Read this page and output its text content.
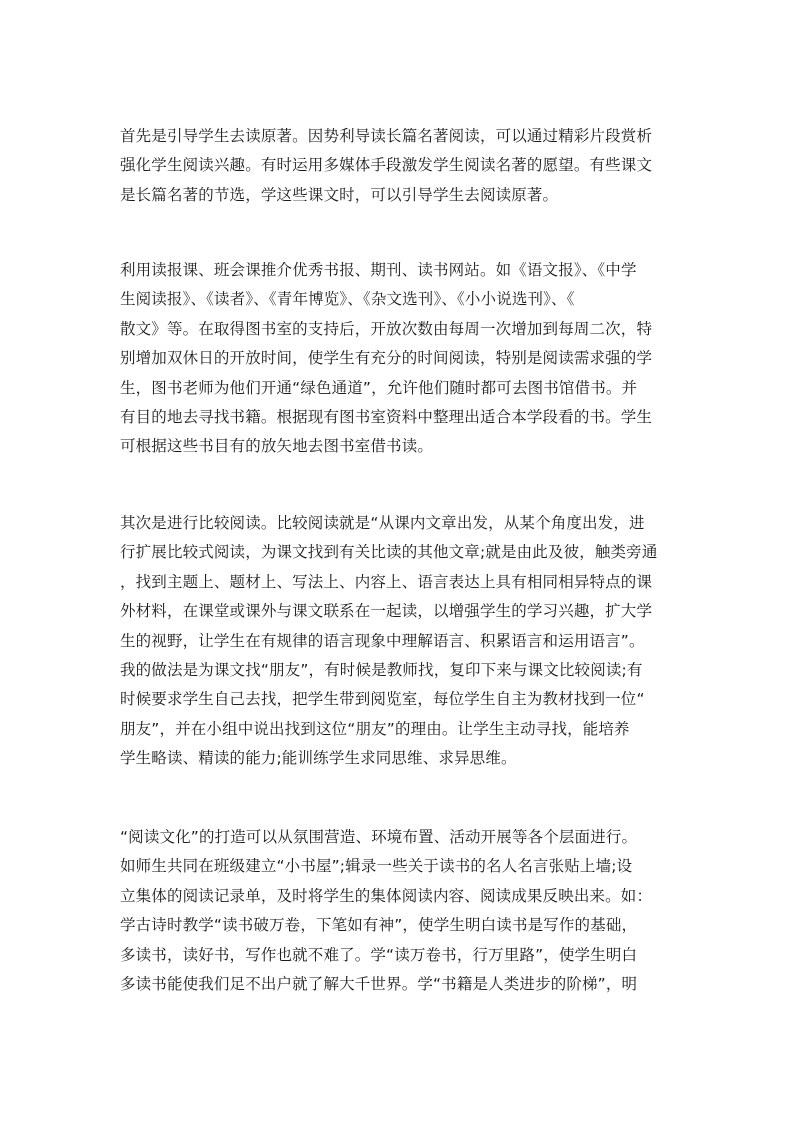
首先是引导学生去读原著。因势利导读长篇名著阅读，可以通过精彩片段赏析
强化学生阅读兴趣。有时运用多媒体手段激发学生阅读名著的愿望。有些课文
是长篇名著的节选，学这些课文时，可以引导学生去阅读原著。
利用读报课、班会课推介优秀书报、期刊、读书网站。如《语文报》、《中学
生阅读报》、《读者》、《青年博览》、《杂文选刊》、《小小说选刊》、《
散文》等。在取得图书室的支持后，开放次数由每周一次增加到每周二次，特
别增加双休日的开放时间，使学生有充分的时间阅读，特别是阅读需求强的学
生，图书老师为他们开通“绿色通道”，允许他们随时都可去图书馆借书。并
有目的地去寻找书籍。根据现有图书室资料中整理出适合本学段看的书。学生
可根据这些书目有的放矢地去图书室借书读。
其次是进行比较阅读。比较阅读就是“从课内文章出发，从某个角度出发，进
行扩展比较式阅读，为课文找到有关比读的其他文章;就是由此及彼，触类旁通
，找到主题上、题材上、写法上、内容上、语言表达上具有相同相异特点的课
外材料，在课堂或课外与课文联系在一起读，以增强学生的学习兴趣，扩大学
生的视野，让学生在有规律的语言现象中理解语言、积累语言和运用语言”。
我的做法是为课文找“朋友”，有时候是教师找，复印下来与课文比较阅读;有
时候要求学生自己去找，把学生带到阅览室，每位学生自主为教材找到一位“
朋友”，并在小组中说出找到这位“朋友”的理由。让学生主动寻找，能培养
学生略读、精读的能力;能训练学生求同思维、求异思维。
“阅读文化”的打造可以从氛围营造、环境布置、活动开展等各个层面进行。
如师生共同在班级建立“小书屋”;辑录一些关于读书的名人名言张贴上墙;设
立集体的阅读记录单，及时将学生的集体阅读内容、阅读成果反映出来。如：
学古诗时教学“读书破万卷，下笔如有神”，使学生明白读书是写作的基础，
多读书，读好书，写作也就不难了。学“读万卷书，行万里路”，使学生明白
多读书能使我们足不出户就了解大千世界。学“书籍是人类进步的阶梯”，明
